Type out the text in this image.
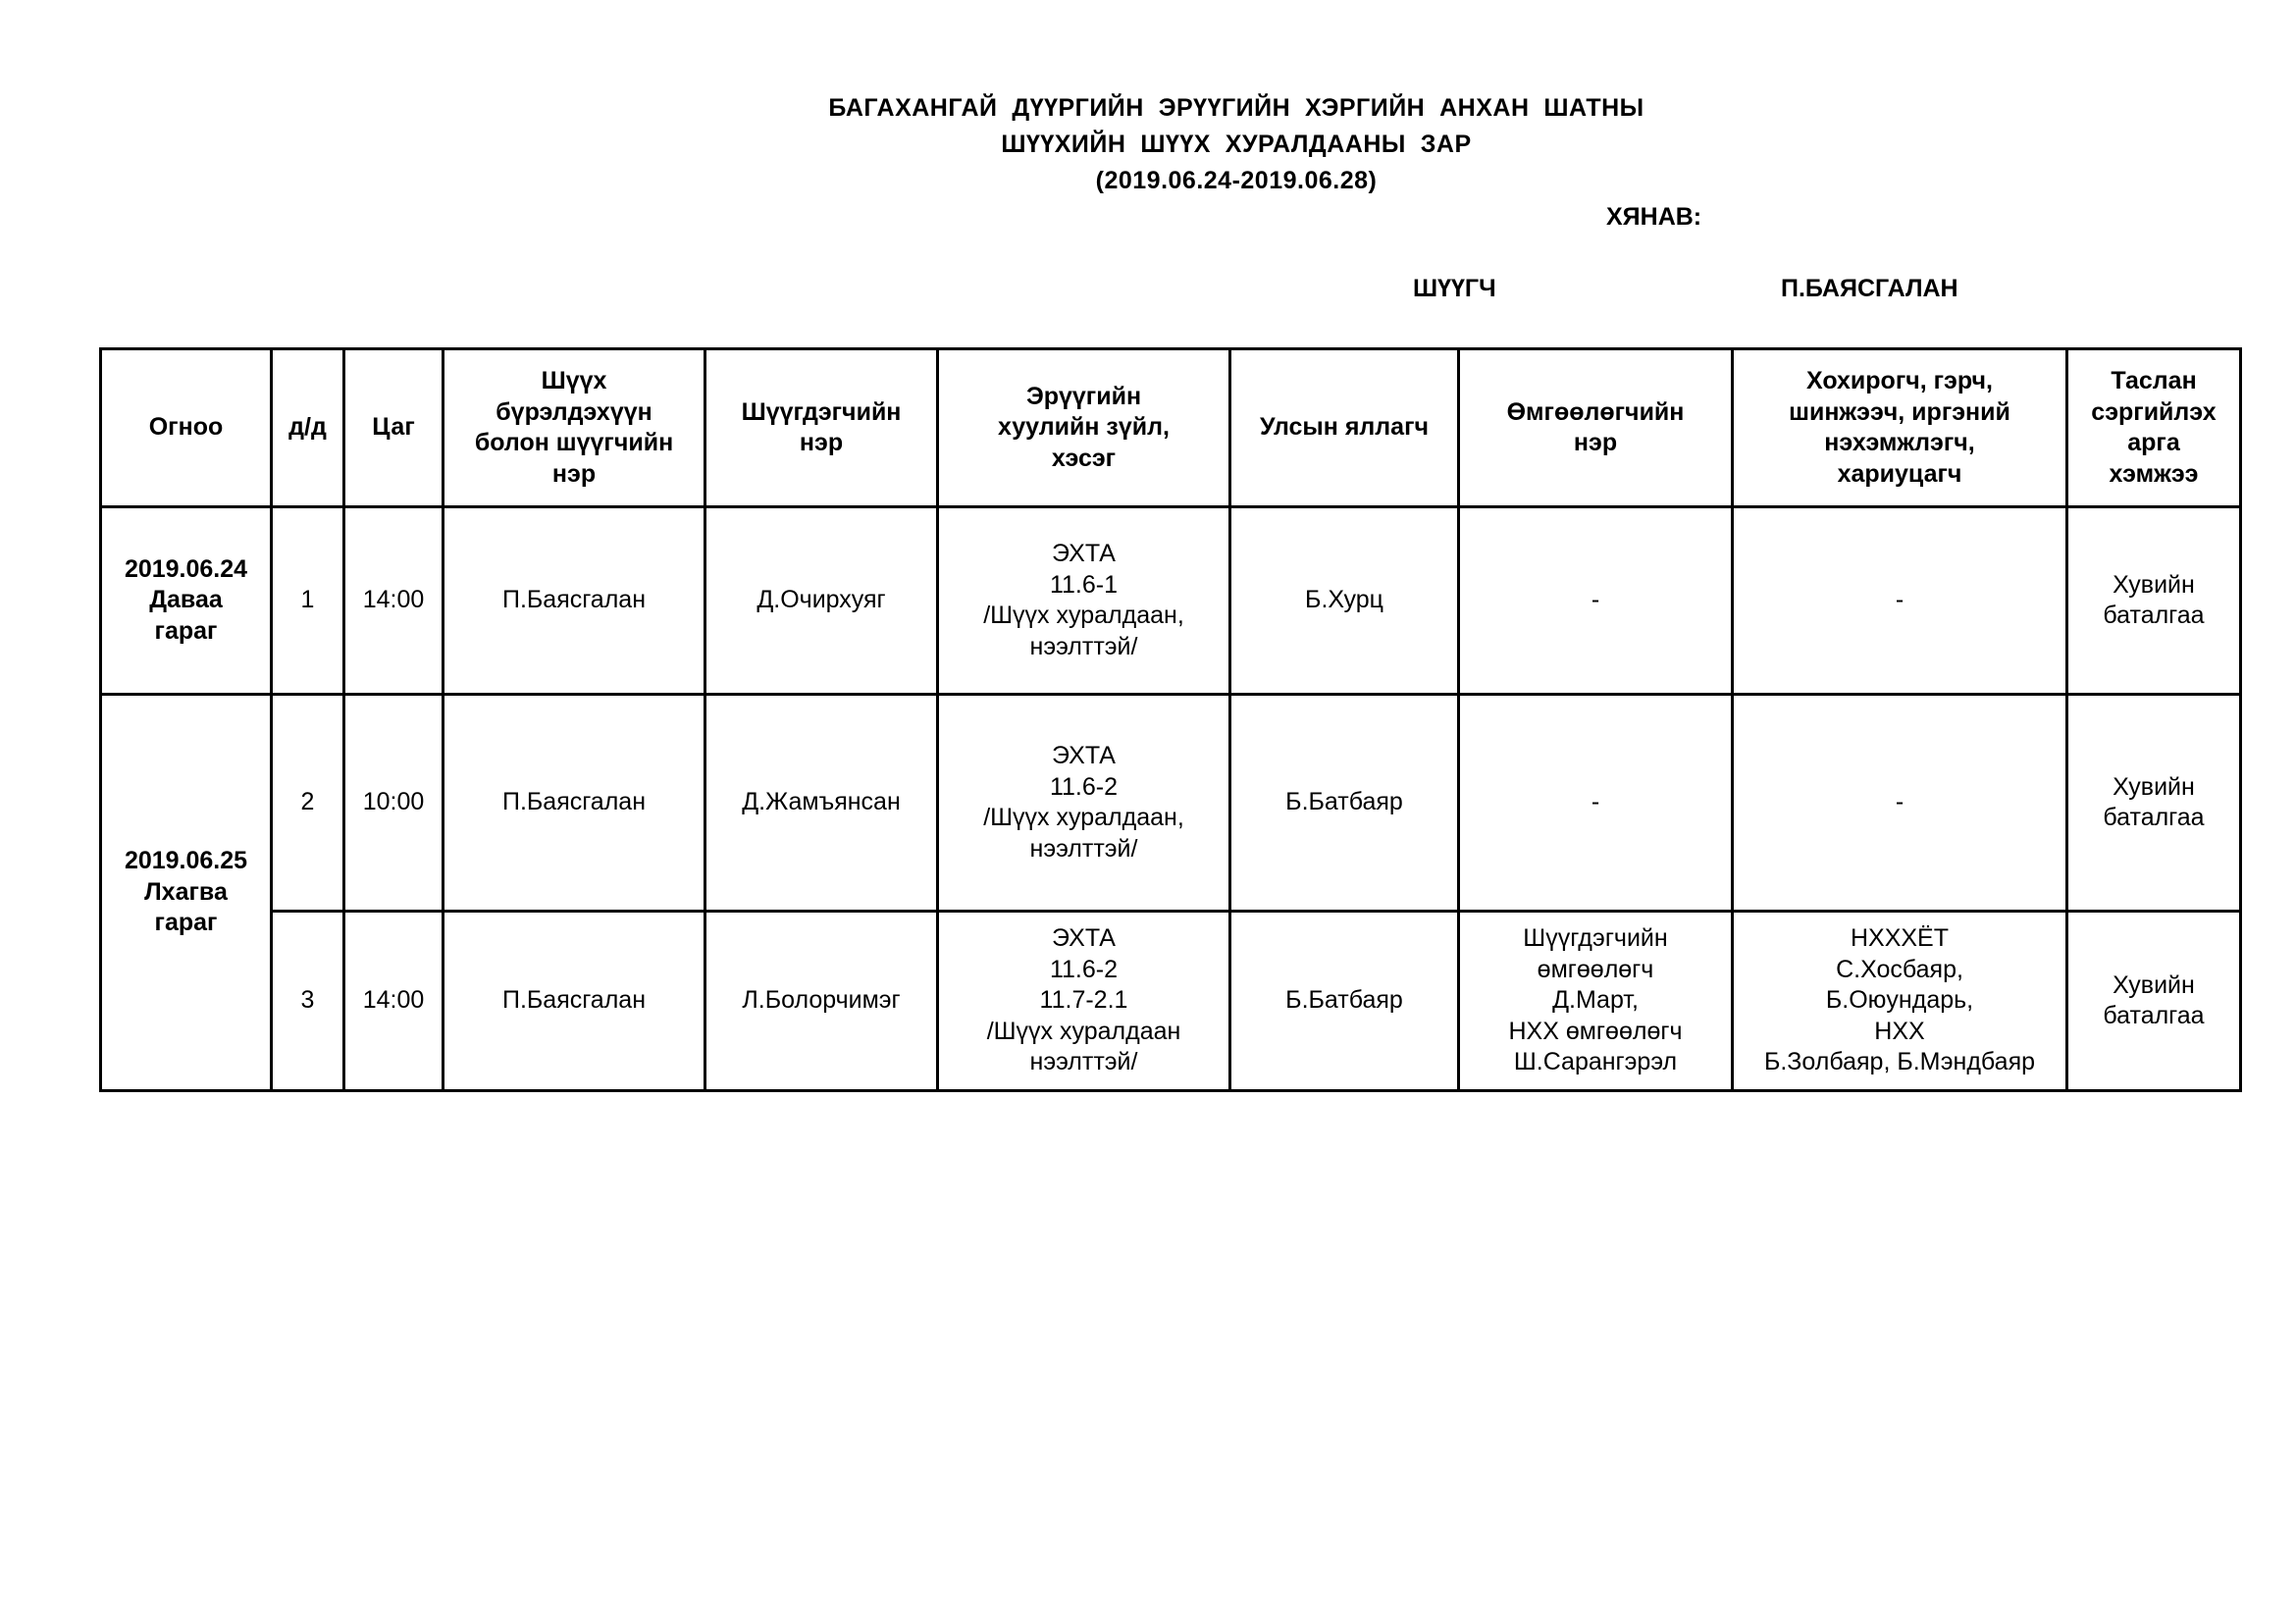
БАГАХАНГАЙ  ДҮҮРГИЙН  ЭРҮҮГИЙН  ХЭРГИЙН  АНХАН  ШАТНЫ
ШҮҮХИЙН  ШҮҮХ  ХУРАЛДААНЫ  ЗАР
(2019.06.24-2019.06.28)
ХЯНАВ:
ШҮҮГЧ	П.БАЯСГАЛАН
Огноо	д/д	Цаг	Шүүх
бүрэлдэхүүн
болон шүүгчийн
нэр	Шүүгдэгчийн
нэр	Эрүүгийн
хуулийн зүйл,
хэсэг	Улсын яллагч	Өмгөөлөгчийн
нэр	Хохирогч, гэрч,
шинжээч, иргэний
нэхэмжлэгч,
хариуцагч	Таслан
сэргийлэх
арга
хэмжээ

2019.06.24
Даваа
гараг	1	14:00	П.Баясгалан	Д.Очирхуяг	ЭХТА
11.6-1
/Шүүх хуралдаан,
нээлттэй/	Б.Хурц	-	-	Хувийн
баталгаа

2019.06.25
Лхагва
гараг	2	10:00	П.Баясгалан	Д.Жамъянсан	ЭХТА
11.6-2
/Шүүх хуралдаан,
нээлттэй/	Б.Батбаяр	-	-	Хувийн
баталгаа

	3	14:00	П.Баясгалан	Л.Болорчимэг	ЭХТА
11.6-2
11.7-2.1
/Шүүх хуралдаан
нээлттэй/	Б.Батбаяр	Шүүгдэгчийн
өмгөөлөгч
Д.Март,
НХХ өмгөөлөгч
Ш.Сарангэрэл	НХХХЁТ
С.Хосбаяр,
Б.Оюундарь,
НХХ
Б.Золбаяр, Б.Мэндбаяр	Хувийн
баталгаа
